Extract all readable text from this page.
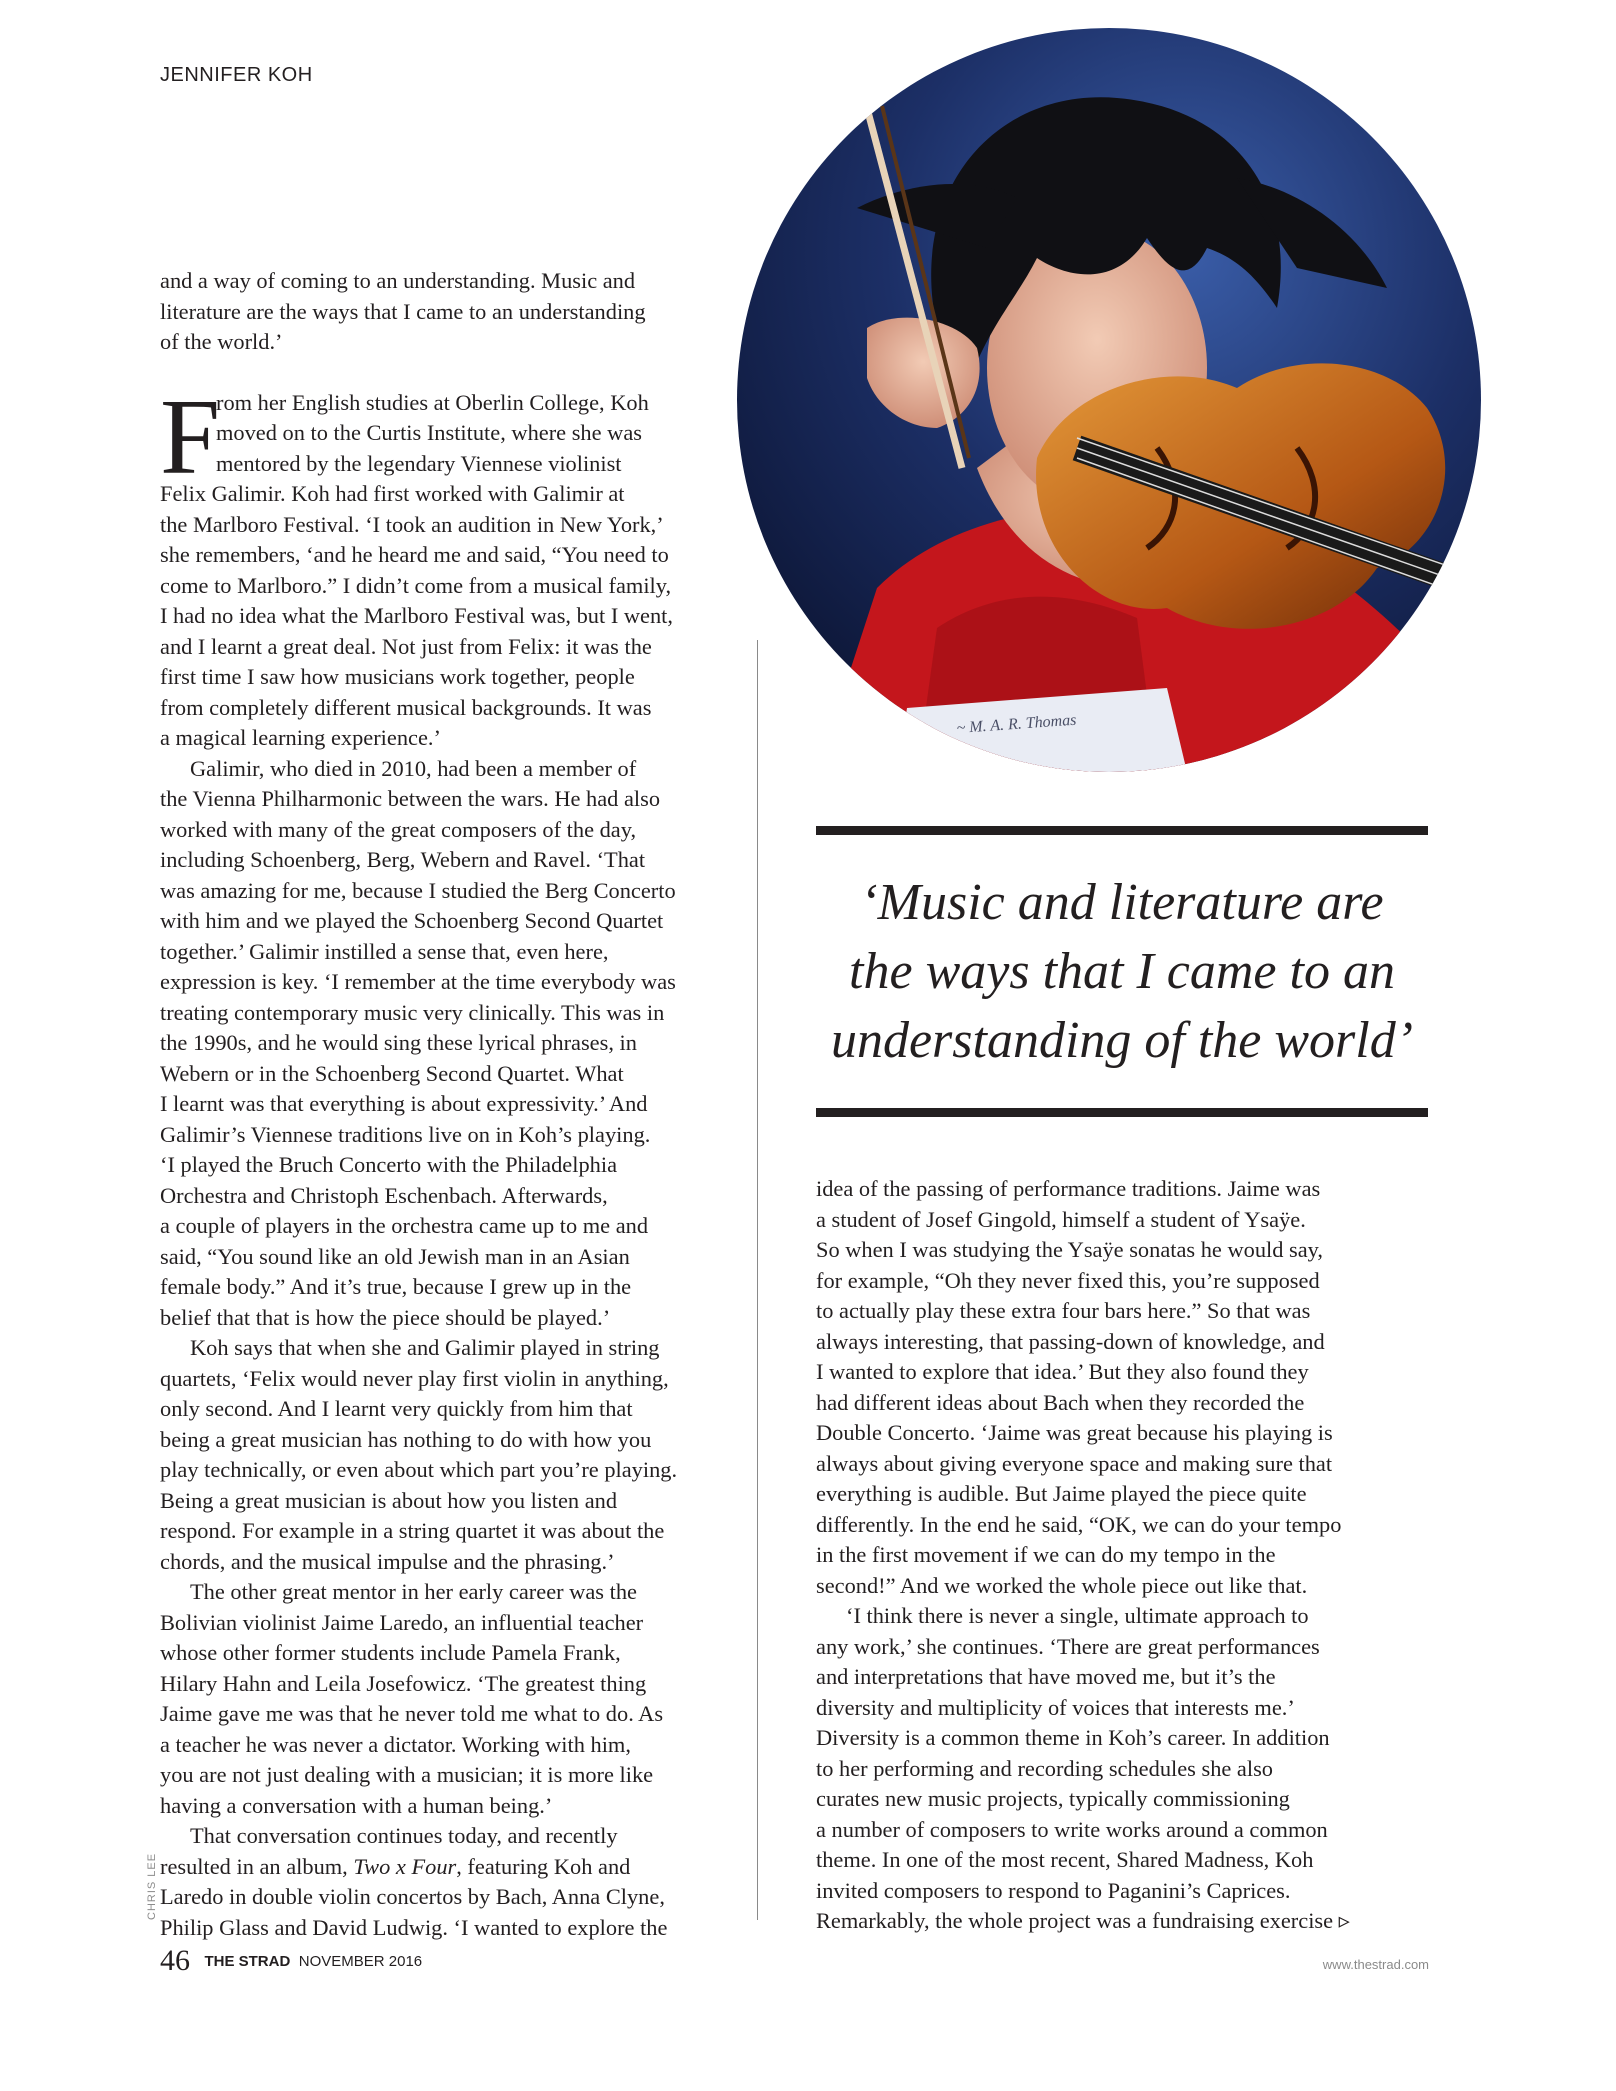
JENNIFER KOH
~ M. A. R. Thomas
CHRIS LEE

and a way of coming to an understanding. Music and
literature are the ways that I came to an understanding
of the world.’

F
rom her English studies at Oberlin College, Koh
moved on to the Curtis Institute, where she was
mentored by the legendary Viennese violinist
Felix Galimir. Koh had first worked with Galimir at
the Marlboro Festival. ‘I took an audition in New York,’
she remembers, ‘and he heard me and said, “You need to
come to Marlboro.” I didn’t come from a musical family,
I had no idea what the Marlboro Festival was, but I went,
and I learnt a great deal. Not just from Felix: it was the
first time I saw how musicians work together, people
from completely different musical backgrounds. It was
a magical learning experience.’

Galimir, who died in 2010, had been a member of
the Vienna Philharmonic between the wars. He had also
worked with many of the great composers of the day,
including Schoenberg, Berg, Webern and Ravel. ‘That
was amazing for me, because I studied the Berg Concerto
with him and we played the Schoenberg Second Quartet
together.’ Galimir instilled a sense that, even here,
expression is key. ‘I remember at the time everybody was
treating contemporary music very clinically. This was in
the 1990s, and he would sing these lyrical phrases, in
Webern or in the Schoenberg Second Quartet. What
I learnt was that everything is about expressivity.’ And
Galimir’s Viennese traditions live on in Koh’s playing.
‘I played the Bruch Concerto with the Philadelphia
Orchestra and Christoph Eschenbach. Afterwards,
a couple of players in the orchestra came up to me and
said, “You sound like an old Jewish man in an Asian
female body.” And it’s true, because I grew up in the
belief that that is how the piece should be played.’

Koh says that when she and Galimir played in string
quartets, ‘Felix would never play first violin in anything,
only second. And I learnt very quickly from him that
being a great musician has nothing to do with how you
play technically, or even about which part you’re playing.
Being a great musician is about how you listen and
respond. For example in a string quartet it was about the
chords, and the musical impulse and the phrasing.’

The other great mentor in her early career was the
Bolivian violinist Jaime Laredo, an influential teacher
whose other former students include Pamela Frank,
Hilary Hahn and Leila Josefowicz. ‘The greatest thing
Jaime gave me was that he never told me what to do. As
a teacher he was never a dictator. Working with him,
you are not just dealing with a musician; it is more like
having a conversation with a human being.’

That conversation continues today, and recently
resulted in an album, Two x Four, featuring Koh and
Laredo in double violin concertos by Bach, Anna Clyne,
Philip Glass and David Ludwig. ‘I wanted to explore the

‘Music and literature are
the ways that I came to an
understanding of the world’

idea of the passing of performance traditions. Jaime was
a student of Josef Gingold, himself a student of Ysaÿe.
So when I was studying the Ysaÿe sonatas he would say,
for example, “Oh they never fixed this, you’re supposed
to actually play these extra four bars here.” So that was
always interesting, that passing-down of knowledge, and
I wanted to explore that idea.’ But they also found they
had different ideas about Bach when they recorded the
Double Concerto. ‘Jaime was great because his playing is
always about giving everyone space and making sure that
everything is audible. But Jaime played the piece quite
differently. In the end he said, “OK, we can do your tempo
in the first movement if we can do my tempo in the
second!” And we worked the whole piece out like that.

‘I think there is never a single, ultimate approach to
any work,’ she continues. ‘There are great performances
and interpretations that have moved me, but it’s the
diversity and multiplicity of voices that interests me.’
Diversity is a common theme in Koh’s career. In addition
to her performing and recording schedules she also
curates new music projects, typically commissioning
a number of composers to write works around a common
theme. In one of the most recent, Shared Madness, Koh
invited composers to respond to Paganini’s Caprices.
Remarkably, the whole project was a fundraising exercise ▹

46 THE STRAD NOVEMBER 2016	www.thestrad.com
